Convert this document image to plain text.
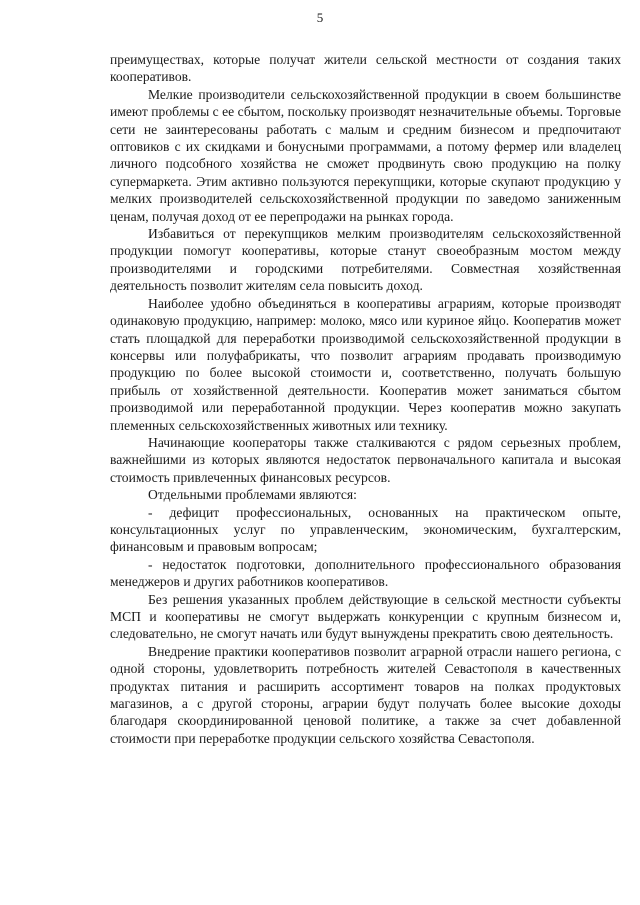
5

преимуществах, которые получат жители сельской местности от создания таких кооперативов.

Мелкие производители сельскохозяйственной продукции в своем большинстве имеют проблемы с ее сбытом, поскольку производят незначительные объемы. Торговые сети не заинтересованы работать с малым и средним бизнесом и предпочитают оптовиков с их скидками и бонусными программами, а потому фермер или владелец личного подсобного хозяйства не сможет продвинуть свою продукцию на полку супермаркета. Этим активно пользуются перекупщики, которые скупают продукцию у мелких производителей сельскохозяйственной продукции по заведомо заниженным ценам, получая доход от ее перепродажи на рынках города.

Избавиться от перекупщиков мелким производителям сельскохозяйственной продукции помогут кооперативы, которые станут своеобразным мостом между производителями и городскими потребителями. Совместная хозяйственная деятельность позволит жителям села повысить доход.

Наиболее удобно объединяться в кооперативы аграриям, которые производят одинаковую продукцию, например: молоко, мясо или куриное яйцо. Кооператив может стать площадкой для переработки производимой сельскохозяйственной продукции в консервы или полуфабрикаты, что позволит аграриям продавать производимую продукцию по более высокой стоимости и, соответственно, получать большую прибыль от хозяйственной деятельности. Кооператив может заниматься сбытом производимой или переработанной продукции. Через кооператив можно закупать племенных сельскохозяйственных животных или технику.

Начинающие кооператоры также сталкиваются с рядом серьезных проблем, важнейшими из которых являются недостаток первоначального капитала и высокая стоимость привлеченных финансовых ресурсов.

Отдельными проблемами являются:

- дефицит профессиональных, основанных на практическом опыте, консультационных услуг по управленческим, экономическим, бухгалтерским, финансовым и правовым вопросам;

- недостаток подготовки, дополнительного профессионального образования менеджеров и других работников кооперативов.

Без решения указанных проблем действующие в сельской местности субъекты МСП и кооперативы не смогут выдержать конкуренции с крупным бизнесом и, следовательно, не смогут начать или будут вынуждены прекратить свою деятельность.

Внедрение практики кооперативов позволит аграрной отрасли нашего региона, с одной стороны, удовлетворить потребность жителей Севастополя в качественных продуктах питания и расширить ассортимент товаров на полках продуктовых магазинов, а с другой стороны, аграрии будут получать более высокие доходы благодаря скоординированной ценовой политике, а также за счет добавленной стоимости при переработке продукции сельского хозяйства Севастополя.
